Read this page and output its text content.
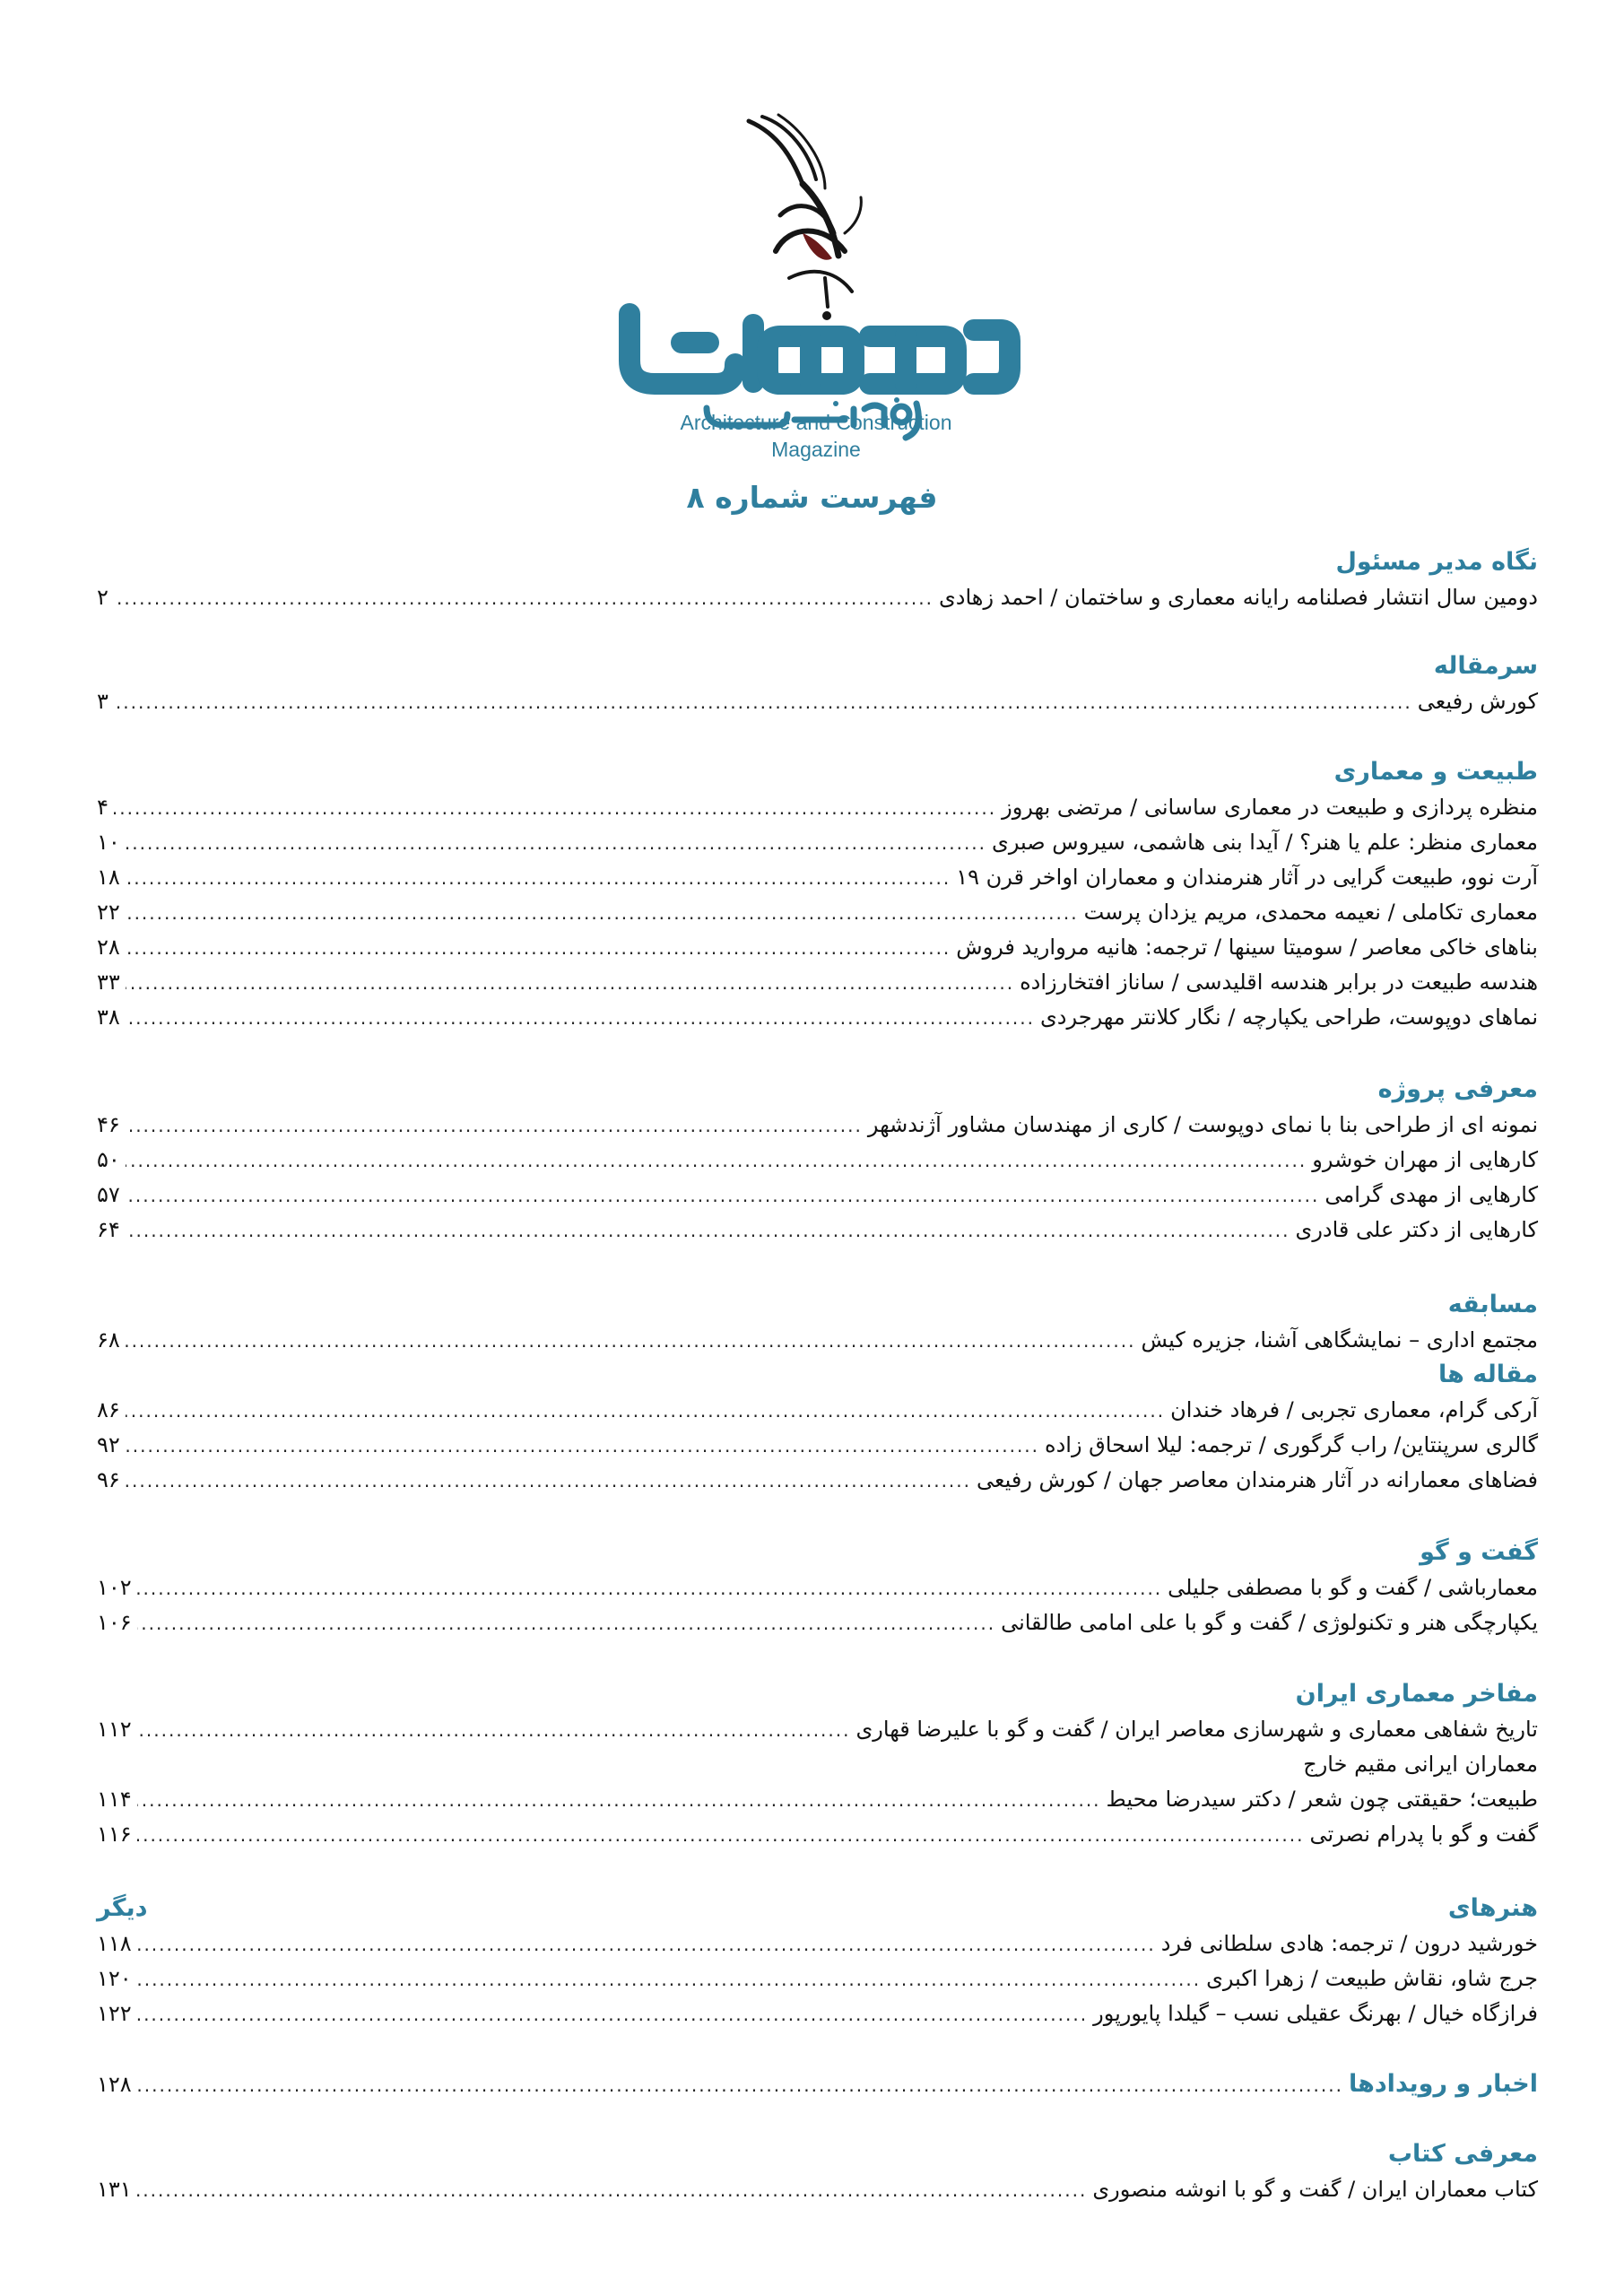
Architecture and Construction
Magazine
فهرست شماره ۸
نگاه مدیر مسئول
دومین سال انتشار فصلنامه رایانه معماری و ساختمان / احمد زهادی
.....
۲
سرمقاله
کورش رفیعی
.....
۳
طبیعت و معماری
منظره پردازی و طبیعت در معماری ساسانی / مرتضی بهروز
.....
۴
معماری منظر: علم یا هنر؟ / آیدا بنی هاشمی، سیروس صبری
.....
۱۰
آرت نوو، طبیعت گرایی در آثار هنرمندان و معماران اواخر قرن ۱۹
.....
۱۸
معماری تکاملی / نعیمه محمدی، مریم یزدان پرست
.....
۲۲
بناهای خاکی معاصر / سومیتا سینها / ترجمه: هانیه مروارید فروش
.....
۲۸
هندسه طبیعت در برابر هندسه اقلیدسی / ساناز افتخارزاده
.....
۳۳
نماهای دوپوست، طراحی یکپارچه / نگار کلانتر مهرجردی
.....
۳۸
معرفی پروژه
نمونه ای از طراحی بنا با نمای دوپوست / کاری از مهندسان مشاور آژندشهر
.....
۴۶
کارهایی از مهران خوشرو
.....
۵۰
کارهایی از مهدی گرامی
.....
۵۷
کارهایی از دکتر علی قادری
.....
۶۴
مسابقه
مجتمع اداری – نمایشگاهی آشنا، جزیره کیش
.....
۶۸
مقاله ها
آرکی گرام، معماری تجربی / فرهاد خندان
.....
۸۶
گالری سرپنتاین/ راب گرگوری / ترجمه: لیلا اسحاق زاده
.....
۹۲
فضاهای معمارانه در آثار هنرمندان معاصر جهان / کورش رفیعی
.....
۹۶
گفت و گو
معمارباشی / گفت و گو با مصطفی جلیلی
.....
۱۰۲
یکپارچگی هنر و تکنولوژی / گفت و گو با علی امامی طالقانی
.....
۱۰۶
مفاخر معماری ایران
تاریخ شفاهی معماری و شهرسازی معاصر ایران / گفت و گو با علیرضا قهاری
.....
۱۱۲
معماران ایرانی مقیم خارج
طبیعت؛ حقیقتی چون شعر / دکتر سیدرضا محیط
.....
۱۱۴
گفت و گو با پدرام نصرتی
.....
۱۱۶
هنرهای
دیگر
خورشید درون / ترجمه: هادی سلطانی فرد
.....
۱۱۸
جرج شاو، نقاش طبیعت / زهرا اکبری
.....
۱۲۰
فرازگاه خیال / بهرنگ عقیلی نسب – گیلدا پایورپور
.....
۱۲۲
اخبار و رویدادها
.....
۱۲۸
معرفی کتاب
کتاب معماران ایران / گفت و گو با انوشه منصوری
.....
۱۳۱
